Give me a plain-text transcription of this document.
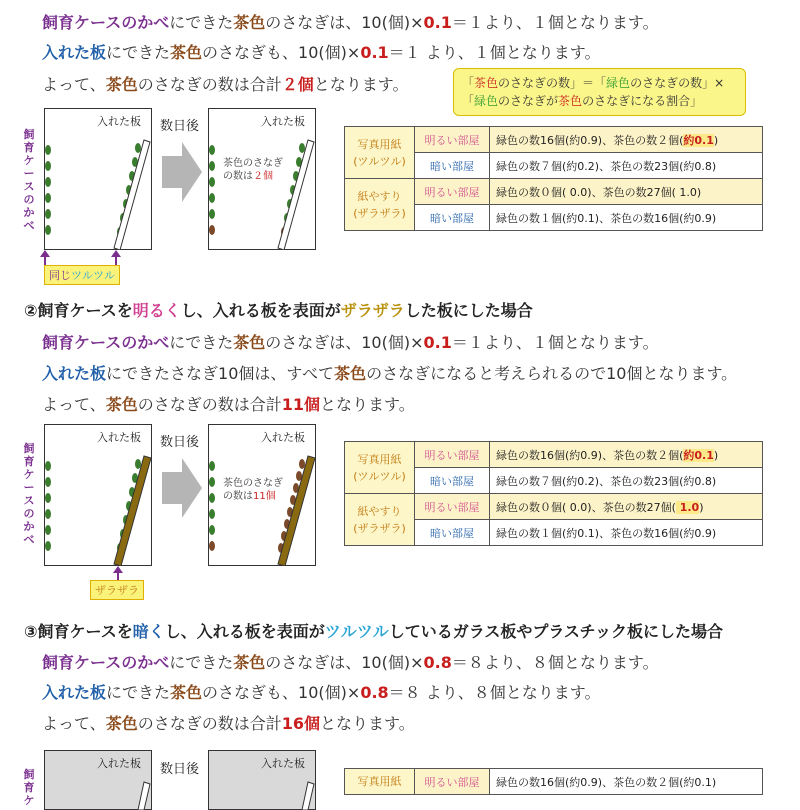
飼育ケースのかべにできた茶色のさなぎは、10(個)×0.1＝１より、１個となります。
入れた板にできた茶色のさなぎも、10(個)×0.1＝１ より、１個となります。
よって、茶色のさなぎの数は合計２個となります。	「茶色のさなぎの数」＝「緑色のさなぎの数」×
「緑色のさなぎが茶色のさなぎになる割合」
飼育ケースのかべ
入れた板 数日後	入れた板
茶色のさなぎ
の数は２個
同じツルツル
写真用紙
(ツルツル)	明るい部屋	緑色の数16個(約0.9)、茶色の数２個(約0.1)
	暗い部屋	緑色の数７個(約0.2)、茶色の数23個(約0.8)

紙やすり
(ザラザラ)	明るい部屋	緑色の数０個( 0.0)、茶色の数27個( 1.0)
	暗い部屋	緑色の数１個(約0.1)、茶色の数16個(約0.9)
②飼育ケースを明るくし、入れる板を表面がザラザラした板にした場合
飼育ケースのかべにできた茶色のさなぎは、10(個)×0.1＝１より、１個となります。
入れた板にできたさなぎ10個は、すべて茶色のさなぎになると考えられるので10個となります。
よって、茶色のさなぎの数は合計11個となります。
飼育ケースのかべ
入れた板 数日後	入れた板
茶色のさなぎ
の数は11個
ザラザラ
写真用紙
(ツルツル)	明るい部屋	緑色の数16個(約0.9)、茶色の数２個(約0.1)
	暗い部屋	緑色の数７個(約0.2)、茶色の数23個(約0.8)

紙やすり
(ザラザラ)	明るい部屋	緑色の数０個( 0.0)、茶色の数27個( 1.0)
	暗い部屋	緑色の数１個(約0.1)、茶色の数16個(約0.9)
③飼育ケースを暗くし、入れる板を表面がツルツルしているガラス板やプラスチック板にした場合
飼育ケースのかべにできた茶色のさなぎは、10(個)×0.8＝８より、８個となります。
入れた板にできた茶色のさなぎも、10(個)×0.8＝８ より、８個となります。
よって、茶色のさなぎの数は合計16個となります。
飼育ケ
入れた板 数日後	入れた板
写真用紙	明るい部屋	緑色の数16個(約0.9)、茶色の数２個(約0.1)
